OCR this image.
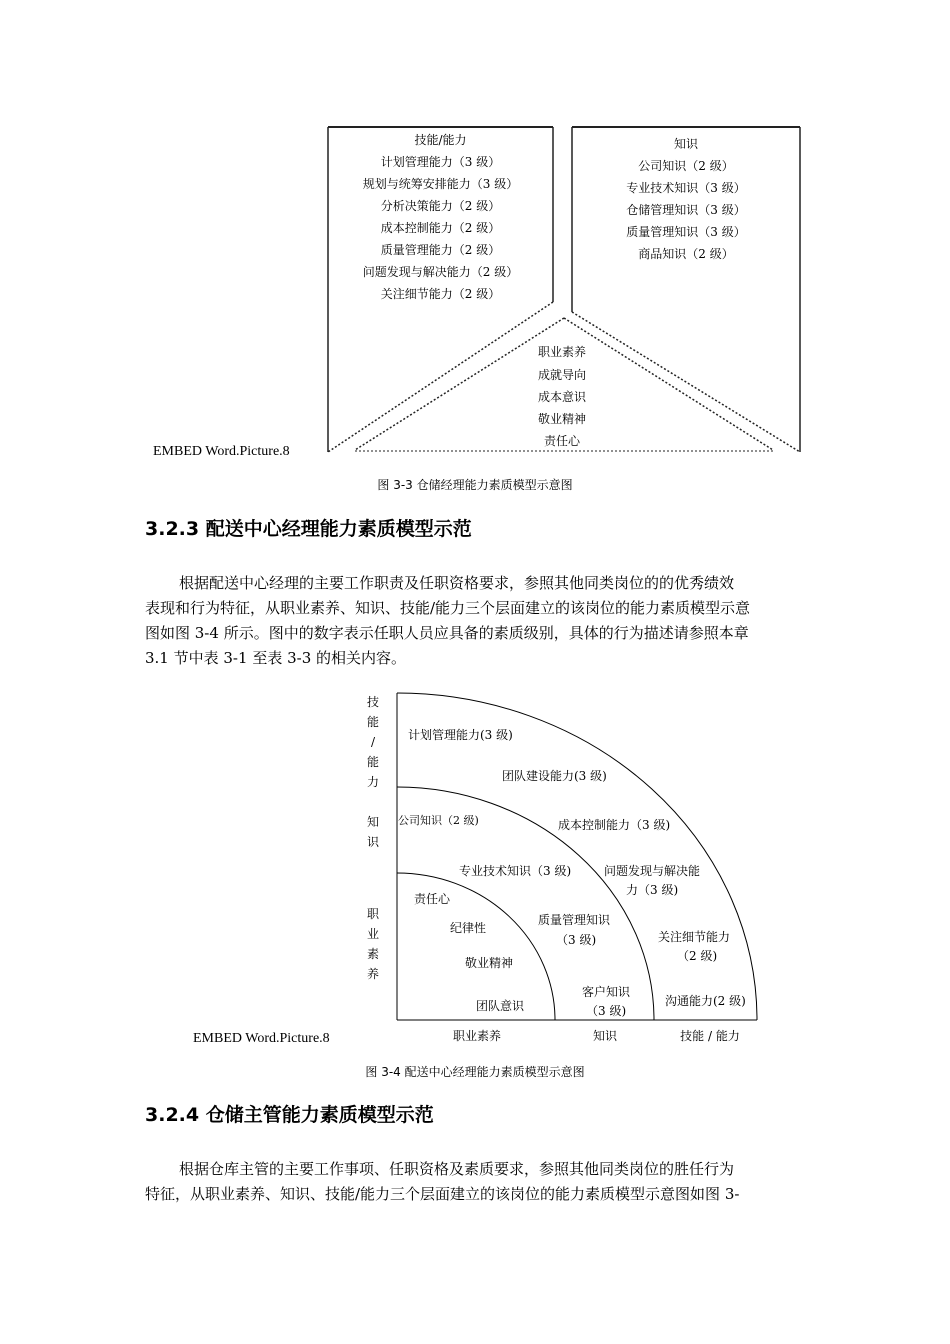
技能/能力
计划管理能力（3 级）
规划与统筹安排能力（3 级）
分析决策能力（2 级）
成本控制能力（2 级）
质量管理能力（2 级）
问题发现与解决能力（2 级）
关注细节能力（2 级）
知识
公司知识（2 级）
专业技术知识（3 级）
仓储管理知识（3 级）
质量管理知识（3 级）
商品知识（2 级）
职业素养
成就导向
成本意识
敬业精神
责任心
EMBED Word.Picture.8
图 3-3 仓储经理能力素质模型示意图
3.2.3 配送中心经理能力素质模型示范
根据配送中心经理的主要工作职责及任职资格要求，参照其他同类岗位的的优秀绩效
表现和行为特征，从职业素养、知识、技能/能力三个层面建立的该岗位的能力素质模型示意
图如图 3-4 所示。图中的数字表示任职人员应具备的素质级别，具体的行为描述请参照本章
3.1 节中表 3-1 至表 3-3 的相关内容。
技
能
/
能
力
知
识
职
业
素
养
计划管理能力(3 级)
团队建设能力(3 级)
成本控制能力（3 级)
问题发现与解决能
力（3 级)
关注细节能力
（2 级)
沟通能力(2 级)
公司知识（2 级)
专业技术知识（3 级)
质量管理知识
（3 级)
客户知识
（3 级)
责任心
纪律性
敬业精神
团队意识
职业素养	知识	技能 / 能力
EMBED Word.Picture.8
图 3-4 配送中心经理能力素质模型示意图
3.2.4 仓储主管能力素质模型示范
根据仓库主管的主要工作事项、任职资格及素质要求，参照其他同类岗位的胜任行为
特征，从职业素养、知识、技能/能力三个层面建立的该岗位的能力素质模型示意图如图 3-
